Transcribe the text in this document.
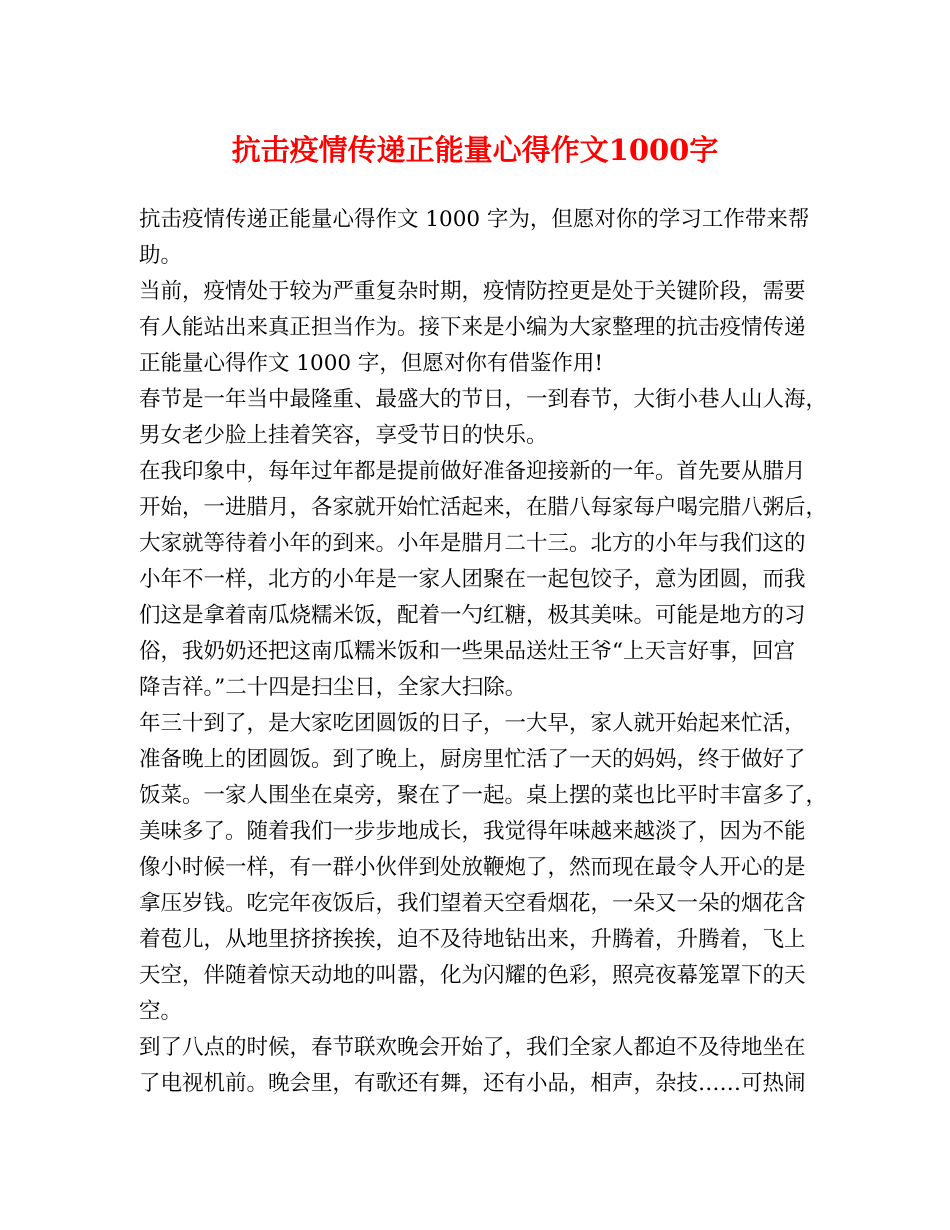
抗击疫情传递正能量心得作文1000字

抗击疫情传递正能量心得作文 1000 字为，但愿对你的学习工作带来帮

助。

当前，疫情处于较为严重复杂时期，疫情防控更是处于关键阶段，需要

有人能站出来真正担当作为。接下来是小编为大家整理的抗击疫情传递

正能量心得作文 1000 字，但愿对你有借鉴作用!

春节是一年当中最隆重、最盛大的节日，一到春节，大街小巷人山人海，

男女老少脸上挂着笑容，享受节日的快乐。

在我印象中，每年过年都是提前做好准备迎接新的一年。首先要从腊月

开始，一进腊月，各家就开始忙活起来，在腊八每家每户喝完腊八粥后，

大家就等待着小年的到来。小年是腊月二十三。北方的小年与我们这的

小年不一样，北方的小年是一家人团聚在一起包饺子，意为团圆，而我

们这是拿着南瓜烧糯米饭，配着一勺红糖，极其美味。可能是地方的习

俗，我奶奶还把这南瓜糯米饭和一些果品送灶王爷“上天言好事，回宫

降吉祥。”二十四是扫尘日，全家大扫除。

年三十到了，是大家吃团圆饭的日子，一大早，家人就开始起来忙活，

准备晚上的团圆饭。到了晚上，厨房里忙活了一天的妈妈，终于做好了

饭菜。一家人围坐在桌旁，聚在了一起。桌上摆的菜也比平时丰富多了，

美味多了。随着我们一步步地成长，我觉得年味越来越淡了，因为不能

像小时候一样，有一群小伙伴到处放鞭炮了，然而现在最令人开心的是

拿压岁钱。吃完年夜饭后，我们望着天空看烟花，一朵又一朵的烟花含

着苞儿，从地里挤挤挨挨，迫不及待地钻出来，升腾着，升腾着，飞上

天空，伴随着惊天动地的叫嚣，化为闪耀的色彩，照亮夜幕笼罩下的天

空。

到了八点的时候，春节联欢晚会开始了，我们全家人都迫不及待地坐在

了电视机前。晚会里，有歌还有舞，还有小品，相声，杂技……可热闹
